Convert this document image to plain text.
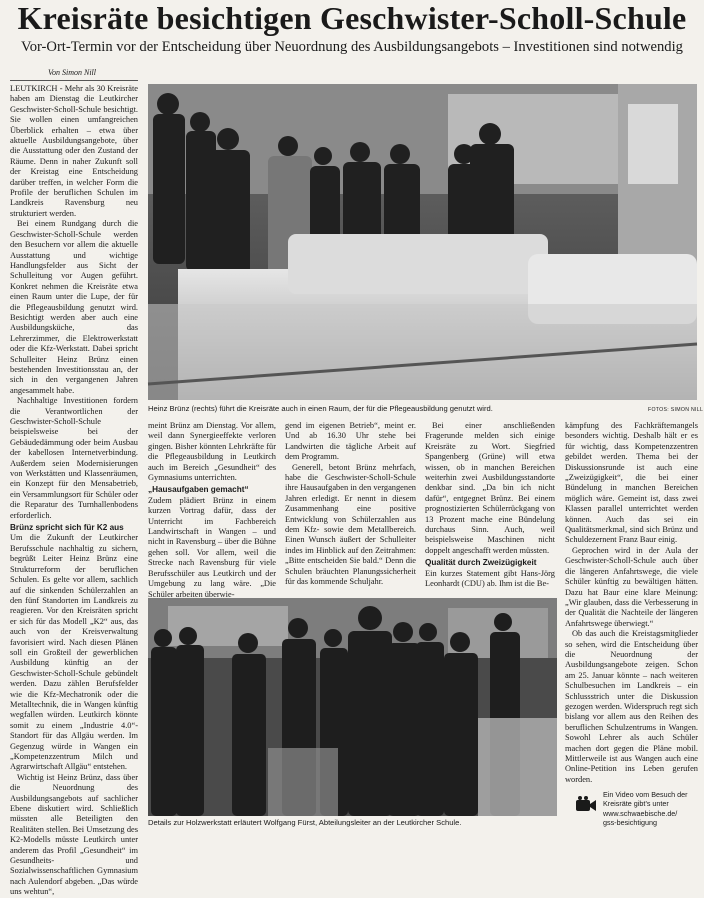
Kreisräte besichtigen Geschwister-Scholl-Schule
Vor-Ort-Termin vor der Entscheidung über Neuordnung des Ausbildungsangebots – Investitionen sind notwendig
Von Simon Nill

LEUTKIRCH - Mehr als 30 Kreisräte haben am Dienstag die Leutkircher Geschwister-Scholl-Schule besichtigt. Sie wollen einen umfangreichen Überblick erhalten – etwa über aktuelle Ausbildungsangebote, über die Ausstattung oder den Zustand der Räume. Denn in naher Zukunft soll der Kreistag eine Entscheidung darüber treffen, in welcher Form die Profile der beruflichen Schulen im Landkreis Ravensburg neu strukturiert werden.

Bei einem Rundgang durch die Geschwister-Scholl-Schule werden den Besuchern vor allem die aktuelle Ausstattung und wichtige Handlungsfelder aus Sicht der Schulleitung vor Augen geführt. Konkret nehmen die Kreisräte etwa einen Raum unter die Lupe, der für die Pflegeausbildung genutzt wird. Besichtigt werden aber auch eine Ausbildungsküche, das Lehrerzimmer, die Elektrowerkstatt oder die Kfz-Werkstatt. Dabei spricht Schulleiter Heinz Brünz einen bestehenden Investitionsstau an, der sich in den vergangenen Jahren angesammelt habe.

Nachhaltige Investitionen fordern die Verantwortlichen der Geschwister-Scholl-Schule beispielsweise bei der Gebäudedämmung oder beim Ausbau der kabellosen Internetverbindung. Außerdem seien Modernisierungen von Werkstätten und Klassenräumen, ein Konzept für den Mensabetrieb, ein Versammlungsort für Schüler oder die Reparatur des Turnhallenbodens erforderlich.

Brünz spricht sich für K2 aus

Um die Zukunft der Leutkircher Berufsschule nachhaltig zu sichern, begrüßt Leiter Heinz Brünz eine Strukturreform der beruflichen Schulen. Es gelte vor allem, sachlich auf die sinkenden Schülerzahlen an den fünf Standorten im Landkreis zu reagieren. Vor den Kreisräten spricht er sich für das Modell „K2“ aus, das auch von der Kreisverwaltung favorisiert wird. Nach diesen Plänen soll ein Großteil der gewerblichen Ausbildung künftig an der Geschwister-Scholl-Schule gebündelt werden. Dazu zählen Berufsfelder wie die Kfz-Mechatronik oder die Metalltechnik, die in Wangen künftig wegfallen würden. Leutkirch könnte somit zu einem „Industrie 4.0“-Standort für das Allgäu werden. Im Gegenzug würde in Wangen ein „Kompetenzzentrum Milch und Agrarwirtschaft Allgäu“ entstehen.

Wichtig ist Heinz Brünz, dass über die Neuordnung des Ausbildungsangebots auf sachlicher Ebene diskutiert wird. Schließlich müssten alle Beteiligten den Realitäten stellen. Bei Umsetzung des K2-Modells müsste Leutkirch unter anderem das Profil „Gesundheit“ im Gesundheits- und Sozialwissenschaftlichen Gymnasium nach Aulendorf abgeben. „Das würde uns wehtun“,

Heinz Brünz (rechts) führt die Kreisräte auch in einen Raum, der für die Pflegeausbildung genutzt wird.	FOTOS: SIMON NILL

meint Brünz am Dienstag. Vor allem, weil dann Synergieeffekte verloren gingen. Bisher könnten Lehrkräfte für die Pflegeausbildung in Leutkirch auch im Bereich „Gesundheit“ des Gymnasiums unterrichten.

„Hausaufgaben gemacht“

Zudem plädiert Brünz in einem kurzen Vortrag dafür, dass der Unterricht im Fachbereich Landwirtschaft in Wangen – und nicht in Ravensburg – über die Bühne gehen soll. Vor allem, weil die Strecke nach Ravensburg für viele Berufsschüler aus Leutkirch und der Umgebung zu lang wäre. „Die Schüler arbeiten überwie-

gend im eigenen Betrieb“, meint er. Und ab 16.30 Uhr stehe bei Landwirten die tägliche Arbeit auf dem Programm.

Generell, betont Brünz mehrfach, habe die Geschwister-Scholl-Schule ihre Hausaufgaben in den vergangenen Jahren erledigt. Er nennt in diesem Zusammenhang eine positive Entwicklung von Schülerzahlen aus dem Kfz- sowie dem Metallbereich. Einen Wunsch äußert der Schulleiter indes im Hinblick auf den Zeitrahmen: „Bitte entscheiden Sie bald.“ Denn die Schulen bräuchten Planungssicherheit für das kommende Schuljahr.

Bei einer anschließenden Fragerunde melden sich einige Kreisräte zu Wort. Siegfried Spangenberg (Grüne) will etwa wissen, ob in manchen Bereichen weiterhin zwei Ausbildungsstandorte denkbar sind. „Da bin ich nicht dafür“, entgegnet Brünz. Bei einem prognostizierten Schülerrückgang von 13 Prozent mache eine Bündelung durchaus Sinn. Auch, weil beispielsweise Maschinen nicht doppelt angeschafft werden müssten.

Qualität durch Zweizügigkeit

Ein kurzes Statement gibt Hans-Jörg Leonhardt (CDU) ab. Ihm ist die Be-

kämpfung des Fachkräftemangels besonders wichtig. Deshalb hält er es für wichtig, dass Kompetenzzentren gebildet werden. Thema bei der Diskussionsrunde ist auch eine „Zweizügigkeit“, die bei einer Bündelung in manchen Bereichen möglich wäre. Gemeint ist, dass zwei Klassen parallel unterrichtet werden können. Auch das sei ein Qualitätsmerkmal, sind sich Brünz und Schuldezernent Franz Baur einig.

Geprochen wird in der Aula der Geschwister-Scholl-Schule auch über die längeren Anfahrtswege, die viele Schüler künftig zu bewältigen hätten. Dazu hat Baur eine klare Meinung: „Wir glauben, dass die Verbesserung in der Qualität die Nachteile der längeren Anfahrtswege überwiegt.“

Ob das auch die Kreistagsmitglieder so sehen, wird die Entscheidung über die Neuordnung der Ausbildungsangebote zeigen. Schon am 25. Januar könnte – nach weiteren Schulbesuchen im Landkreis – ein Schlussstrich unter die Diskussion gezogen werden. Widerspruch regt sich bislang vor allem aus den Reihen des beruflichen Schulzentrums in Wangen. Sowohl Lehrer als auch Schüler machen dort gegen die Pläne mobil. Mittlerweile ist aus Wangen auch eine Online-Petition ins Leben gerufen worden.

Details zur Holzwerkstatt erläutert Wolfgang Fürst, Abteilungsleiter an der Leutkircher Schule.
Ein Video vom Besuch der
Kreisräte gibt’s unter
www.schwaebische.de/
gss-besichtigung
